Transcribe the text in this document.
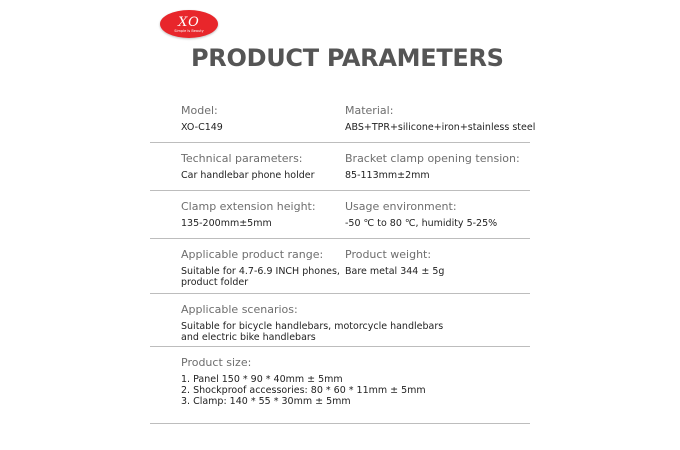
XO
Simple Is Beauty
PRODUCT PARAMETERS
Model:
XO-C149
Material:
ABS+TPR+silicone+iron+stainless steel
Technical parameters:
Car handlebar phone holder
Bracket clamp opening tension:
85-113mm±2mm
Clamp extension height:
135-200mm±5mm
Usage environment:
-50 ℃ to 80 ℃, humidity 5-25%
Applicable product range:
Suitable for 4.7-6.9 INCH phones,
product folder
Product weight:
Bare metal 344 ± 5g
Applicable scenarios:
Suitable for bicycle handlebars, motorcycle handlebars
and electric bike handlebars
Product size:
1. Panel 150 * 90 * 40mm ± 5mm
2. Shockproof accessories: 80 * 60 * 11mm ± 5mm
3. Clamp: 140 * 55 * 30mm ± 5mm
